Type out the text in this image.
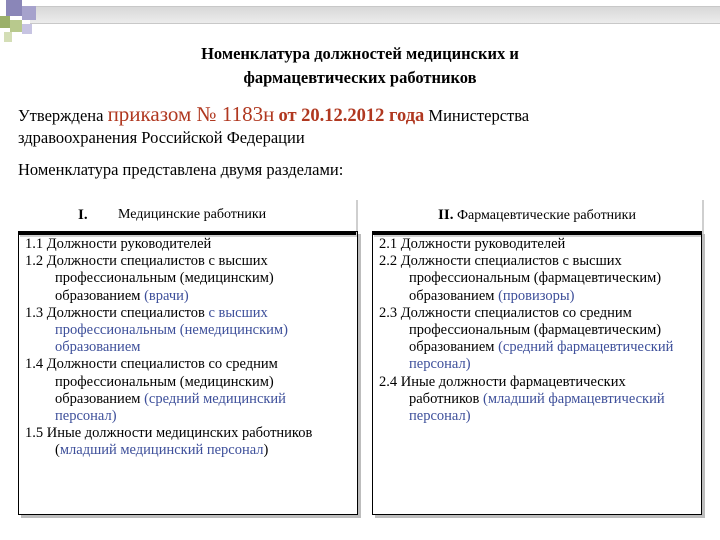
Номенклатура должностей медицинских и
фармацевтических работников
Утверждена приказом № 1183н от 20.12.2012 года Министерства
здравоохранения Российской Федерации
Номенклатура представлена двумя разделами:
I. Медицинские работники	II. Фармацевтические работники

1.1 Должности руководителей

1.2 Должности специалистов с высших профессиональным (медицинским) образованием (врачи)

1.3 Должности специалистов с высших профессиональным (немедицинским) образованием

1.4 Должности специалистов со средним профессиональным (медицинским) образованием (средний медицинский персонал)

1.5 Иные должности медицинских работников (младший медицинский персонал)

2.1 Должности руководителей

2.2 Должности специалистов с высших профессиональным (фармацевтическим) образованием (провизоры)

2.3 Должности специалистов со средним профессиональным (фармацевтическим) образованием (средний фармацевтический персонал)

2.4 Иные должности фармацевтических работников (младший фармацевтический персонал)
